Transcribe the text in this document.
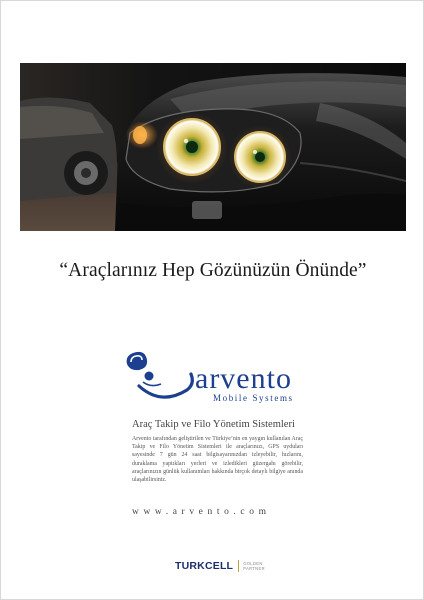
“Araçlarınız Hep Gözünüzün Önünde”
arvento
Mobile Systems
Araç Takip ve Filo Yönetim Sistemleri
Arvento tarafından geliştirilen ve Türkiye’nin en yaygın kullanılan Araç Takip ve Filo Yönetim Sistemleri ile araçlarınızı, GPS uyduları sayesinde 7 gün 24 saat bilgisayarınızdan izleyebilir, hızlarını, duraklama yaptıkları yerleri ve izledikleri güzergahı görebilir, araçlarınızın günlük kullanımları hakkında birçok detaylı bilgiye anında ulaşabilirsiniz.
www.arvento.com
TURKCELL GOLDEN
PARTNER
